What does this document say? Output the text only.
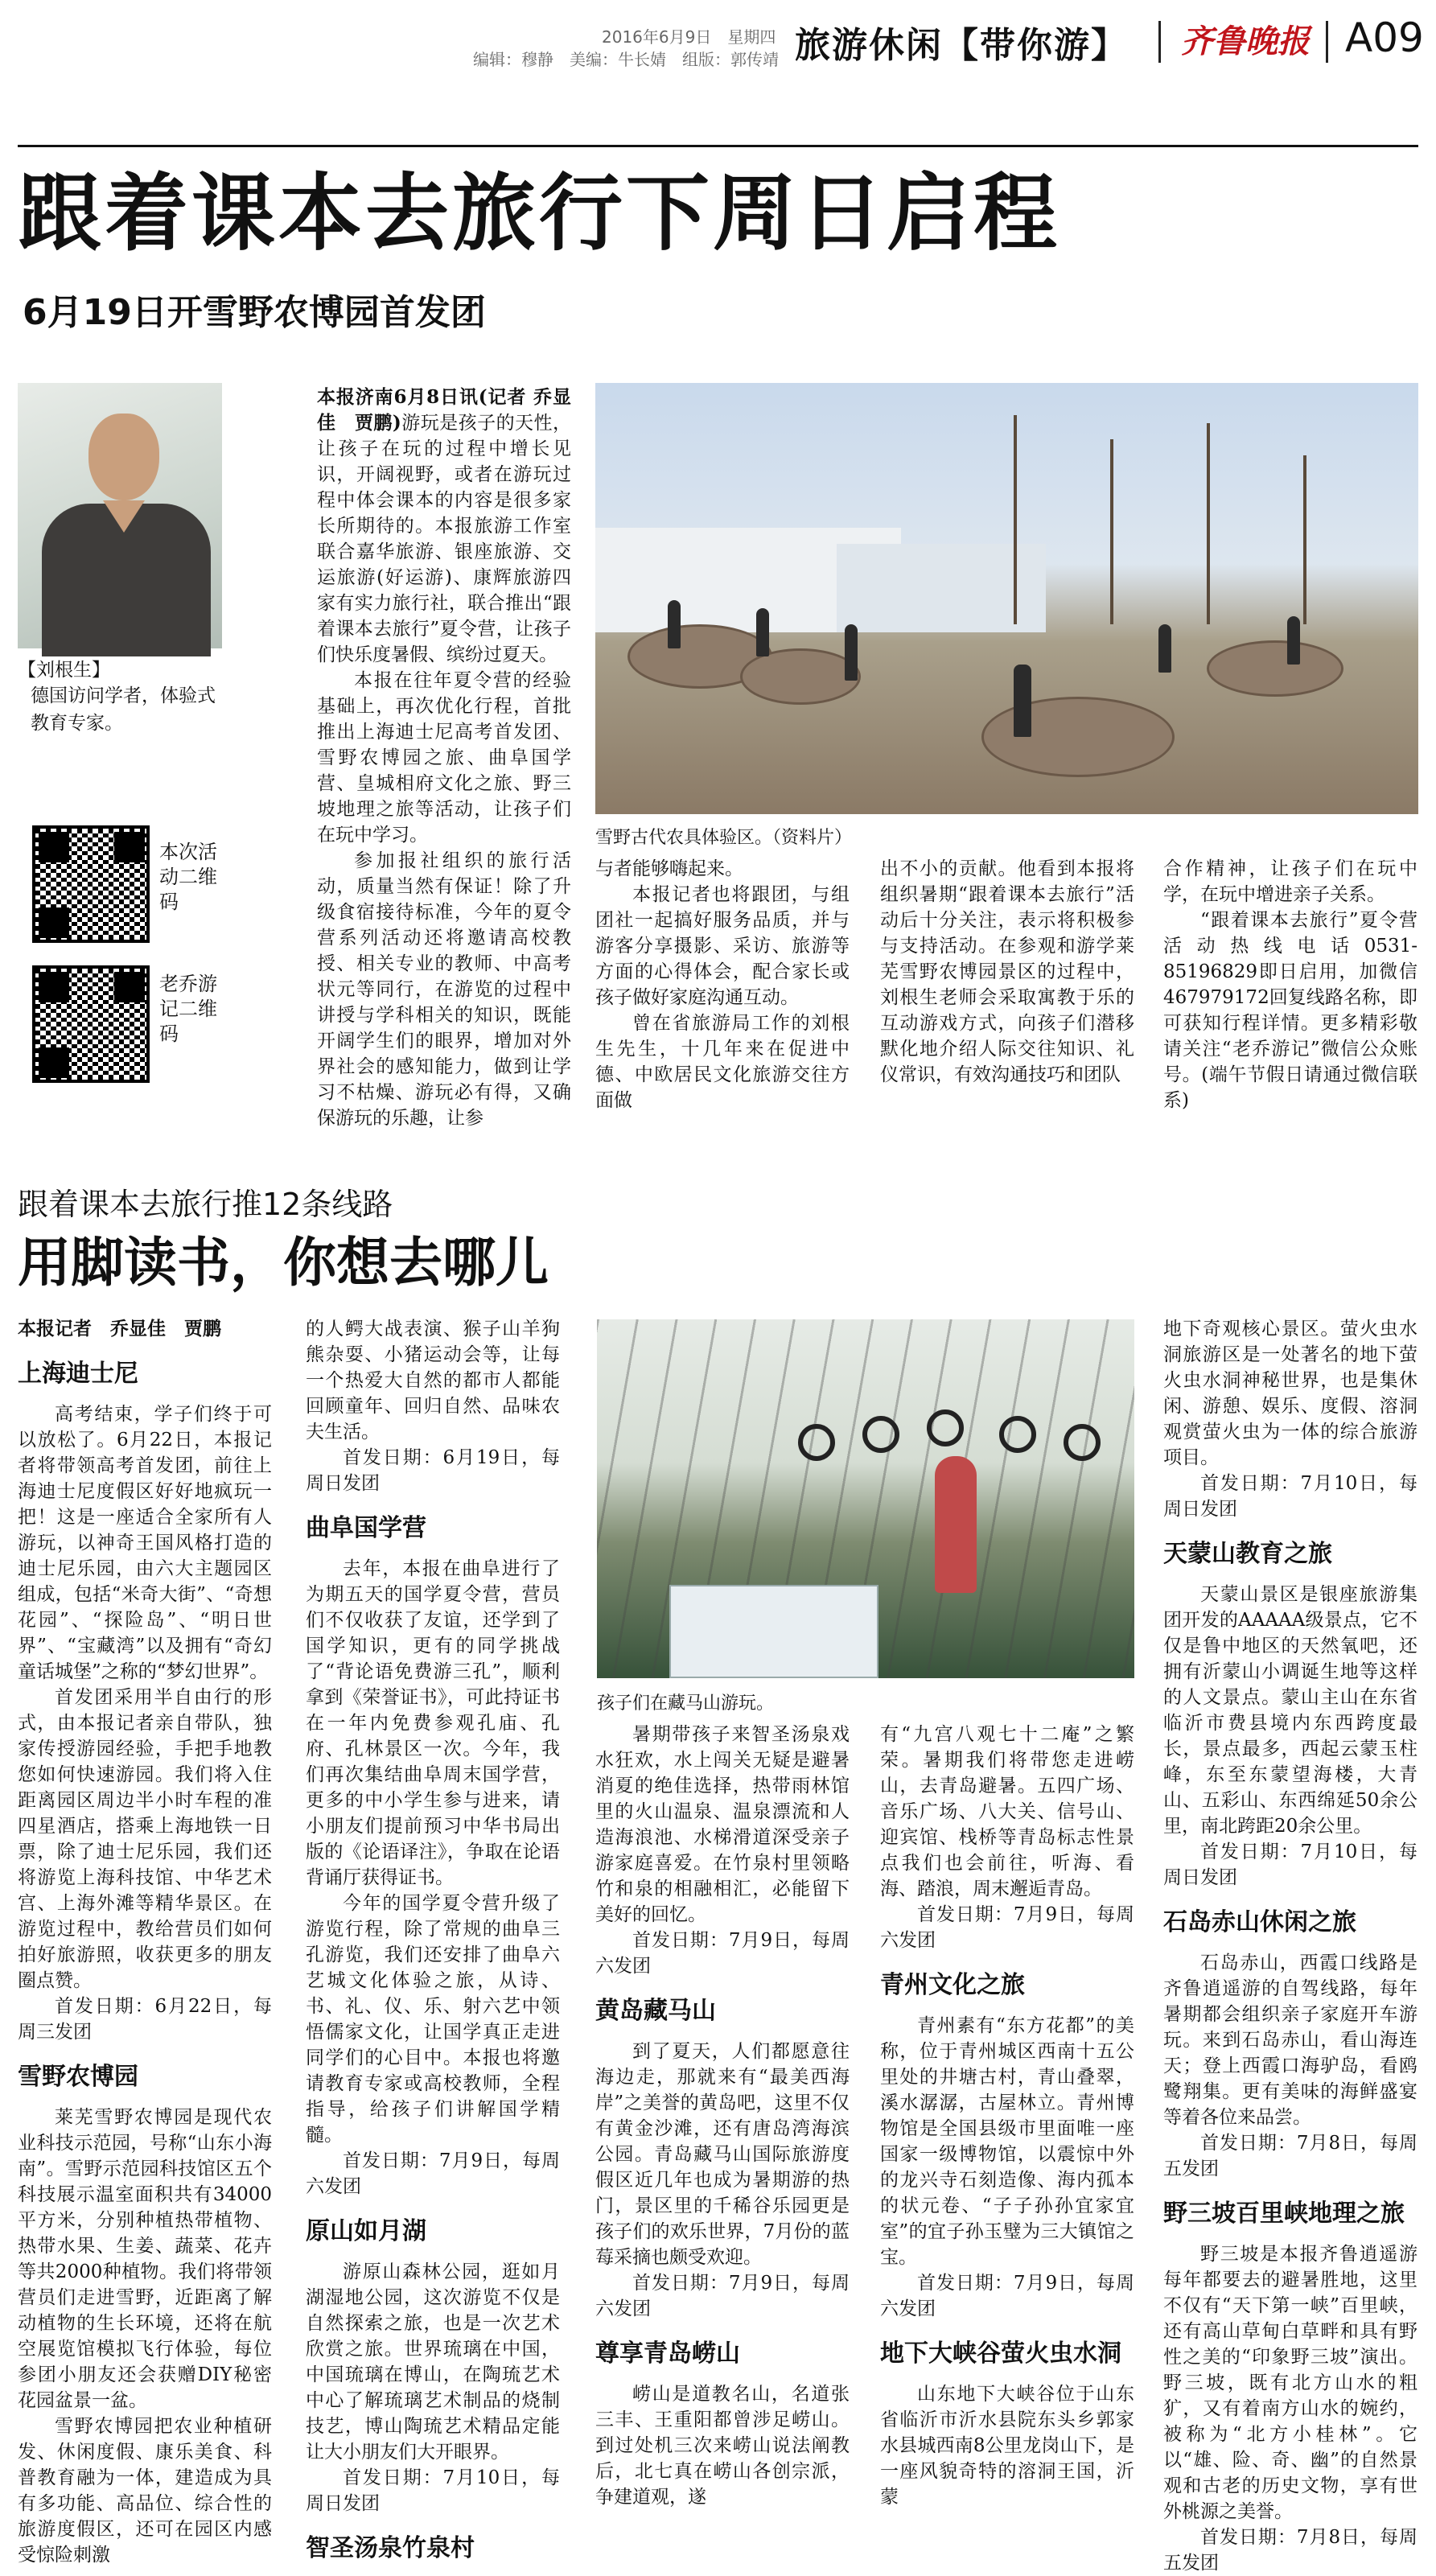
2016年6月9日　星期四
编辑：穆静　美编：牛长婧　组版：郭传靖 旅游休闲【带你游】 齐鲁晚报 A09
跟着课本去旅行下周日启程
6月19日开雪野农博园首发团
【刘根生】
德国访问学者，体验式教育专家。
本次活动二维码
老乔游记二维码

本报济南6月8日讯(记者 乔显佳　贾鹏)游玩是孩子的天性，让孩子在玩的过程中增长见识，开阔视野，或者在游玩过程中体会课本的内容是很多家长所期待的。本报旅游工作室联合嘉华旅游、银座旅游、交运旅游(好运游)、康辉旅游四家有实力旅行社，联合推出“跟着课本去旅行”夏令营，让孩子们快乐度暑假、缤纷过夏天。

本报在往年夏令营的经验基础上，再次优化行程，首批推出上海迪士尼高考首发团、雪野农博园之旅、曲阜国学营、皇城相府文化之旅、野三坡地理之旅等活动，让孩子们在玩中学习。

参加报社组织的旅行活动，质量当然有保证！除了升级食宿接待标准，今年的夏令营系列活动还将邀请高校教授、相关专业的教师、中高考状元等同行，在游览的过程中讲授与学科相关的知识，既能开阔学生们的眼界，增加对外界社会的感知能力，做到让学习不枯燥、游玩必有得，又确保游玩的乐趣，让参

雪野古代农具体验区。（资料片）

与者能够嗨起来。

本报记者也将跟团，与组团社一起搞好服务品质，并与游客分享摄影、采访、旅游等方面的心得体会，配合家长或孩子做好家庭沟通互动。

曾在省旅游局工作的刘根生先生，十几年来在促进中德、中欧居民文化旅游交往方面做

出不小的贡献。他看到本报将组织暑期“跟着课本去旅行”活动后十分关注，表示将积极参与支持活动。在参观和游学莱芜雪野农博园景区的过程中，刘根生老师会采取寓教于乐的互动游戏方式，向孩子们潜移默化地介绍人际交往知识、礼仪常识，有效沟通技巧和团队

合作精神，让孩子们在玩中学，在玩中增进亲子关系。

“跟着课本去旅行”夏令营活动热线电话0531-85196829即日启用，加微信467979172回复线路名称，即可获知行程详情。更多精彩敬请关注“老乔游记”微信公众账号。(端午节假日请通过微信联系)

跟着课本去旅行推12条线路
用脚读书，你想去哪儿

本报记者　乔显佳　贾鹏

上海迪士尼

高考结束，学子们终于可以放松了。6月22日，本报记者将带领高考首发团，前往上海迪士尼度假区好好地疯玩一把！这是一座适合全家所有人游玩，以神奇王国风格打造的迪士尼乐园，由六大主题园区组成，包括“米奇大街”、“奇想花园”、“探险岛”、“明日世界”、“宝藏湾”以及拥有“奇幻童话城堡”之称的“梦幻世界”。

首发团采用半自由行的形式，由本报记者亲自带队，独家传授游园经验，手把手地教您如何快速游园。我们将入住距离园区周边半小时车程的准四星酒店，搭乘上海地铁一日票，除了迪士尼乐园，我们还将游览上海科技馆、中华艺术宫、上海外滩等精华景区。在游览过程中，教给营员们如何拍好旅游照，收获更多的朋友圈点赞。

首发日期：6月22日，每周三发团

雪野农博园

莱芜雪野农博园是现代农业科技示范园，号称“山东小海南”。雪野示范园科技馆区五个科技展示温室面积共有34000平方米，分别种植热带植物、热带水果、生姜、蔬菜、花卉等共2000种植物。我们将带领营员们走进雪野，近距离了解动植物的生长环境，还将在航空展览馆模拟飞行体验，每位参团小朋友还会获赠DIY秘密花园盆景一盆。

雪野农博园把农业种植研发、休闲度假、康乐美食、科普教育融为一体，建造成为具有多功能、高品位、综合性的旅游度假区，还可在园区内感受惊险刺激

的人鳄大战表演、猴子山羊狗熊杂耍、小猪运动会等，让每一个热爱大自然的都市人都能回顾童年、回归自然、品味农夫生活。

首发日期：6月19日，每周日发团

曲阜国学营

去年，本报在曲阜进行了为期五天的国学夏令营，营员们不仅收获了友谊，还学到了国学知识，更有的同学挑战了“背论语免费游三孔”，顺利拿到《荣誉证书》，可此持证书在一年内免费参观孔庙、孔府、孔林景区一次。今年，我们再次集结曲阜周末国学营，更多的中小学生参与进来，请小朋友们提前预习中华书局出版的《论语译注》，争取在论语背诵厅获得证书。

今年的国学夏令营升级了游览行程，除了常规的曲阜三孔游览，我们还安排了曲阜六艺城文化体验之旅，从诗、书、礼、仪、乐、射六艺中领悟儒家文化，让国学真正走进同学们的心目中。本报也将邀请教育专家或高校教师，全程指导，给孩子们讲解国学精髓。

首发日期：7月9日，每周六发团

原山如月湖

游原山森林公园，逛如月湖湿地公园，这次游览不仅是自然探索之旅，也是一次艺术欣赏之旅。世界琉璃在中国，中国琉璃在博山，在陶琉艺术中心了解琉璃艺术制品的烧制技艺，博山陶琉艺术精品定能让大小朋友们大开眼界。

首发日期：7月10日，每周日发团

智圣汤泉竹泉村

孩子们在藏马山游玩。

暑期带孩子来智圣汤泉戏水狂欢，水上闯关无疑是避暑消夏的绝佳选择，热带雨林馆里的火山温泉、温泉漂流和人造海浪池、水梯滑道深受亲子游家庭喜爱。在竹泉村里领略竹和泉的相融相汇，必能留下美好的回忆。

首发日期：7月9日，每周六发团

黄岛藏马山

到了夏天，人们都愿意往海边走，那就来有“最美西海岸”之美誉的黄岛吧，这里不仅有黄金沙滩，还有唐岛湾海滨公园。青岛藏马山国际旅游度假区近几年也成为暑期游的热门，景区里的千稀谷乐园更是孩子们的欢乐世界，7月份的蓝莓采摘也颇受欢迎。

首发日期：7月9日，每周六发团

尊享青岛崂山

崂山是道教名山，名道张三丰、王重阳都曾涉足崂山。到过处机三次来崂山说法阐教后，北七真在崂山各创宗派，争建道观，遂

有“九宫八观七十二庵”之繁荣。暑期我们将带您走进崂山，去青岛避暑。五四广场、音乐广场、八大关、信号山、迎宾馆、栈桥等青岛标志性景点我们也会前往，听海、看海、踏浪，周末邂逅青岛。

首发日期：7月9日，每周六发团

青州文化之旅

青州素有“东方花都”的美称，位于青州城区西南十五公里处的井塘古村，青山叠翠，溪水潺潺，古屋林立。青州博物馆是全国县级市里面唯一座国家一级博物馆，以震惊中外的龙兴寺石刻造像、海内孤本的状元卷、“子子孙孙宜家宜室”的宜子孙玉璧为三大镇馆之宝。

首发日期：7月9日，每周六发团

地下大峡谷萤火虫水洞

山东地下大峡谷位于山东省临沂市沂水县院东头乡郭家水县城西南8公里龙岗山下，是一座风貌奇特的溶洞王国，沂蒙

地下奇观核心景区。萤火虫水洞旅游区是一处著名的地下萤火虫水洞神秘世界，也是集休闲、游憩、娱乐、度假、溶洞观赏萤火虫为一体的综合旅游项目。

首发日期：7月10日，每周日发团

天蒙山教育之旅

天蒙山景区是银座旅游集团开发的AAAAA级景点，它不仅是鲁中地区的天然氧吧，还拥有沂蒙山小调诞生地等这样的人文景点。蒙山主山在东省临沂市费县境内东西跨度最长，景点最多，西起云蒙玉柱峰，东至东蒙望海楼，大青山、五彩山、东西绵延50余公里，南北跨距20余公里。

首发日期：7月10日，每周日发团

石岛赤山休闲之旅

石岛赤山，西霞口线路是齐鲁逍遥游的自驾线路，每年暑期都会组织亲子家庭开车游玩。来到石岛赤山，看山海连天；登上西霞口海驴岛，看鸥鹭翔集。更有美味的海鲜盛宴等着各位来品尝。

首发日期：7月8日，每周五发团

野三坡百里峡地理之旅

野三坡是本报齐鲁逍遥游每年都要去的避暑胜地，这里不仅有“天下第一峡”百里峡，还有高山草甸白草畔和具有野性之美的“印象野三坡”演出。野三坡，既有北方山水的粗犷，又有着南方山水的婉约，被称为“北方小桂林”。它以“雄、险、奇、幽”的自然景观和古老的历史文物，享有世外桃源之美誉。

首发日期：7月8日，每周五发团
